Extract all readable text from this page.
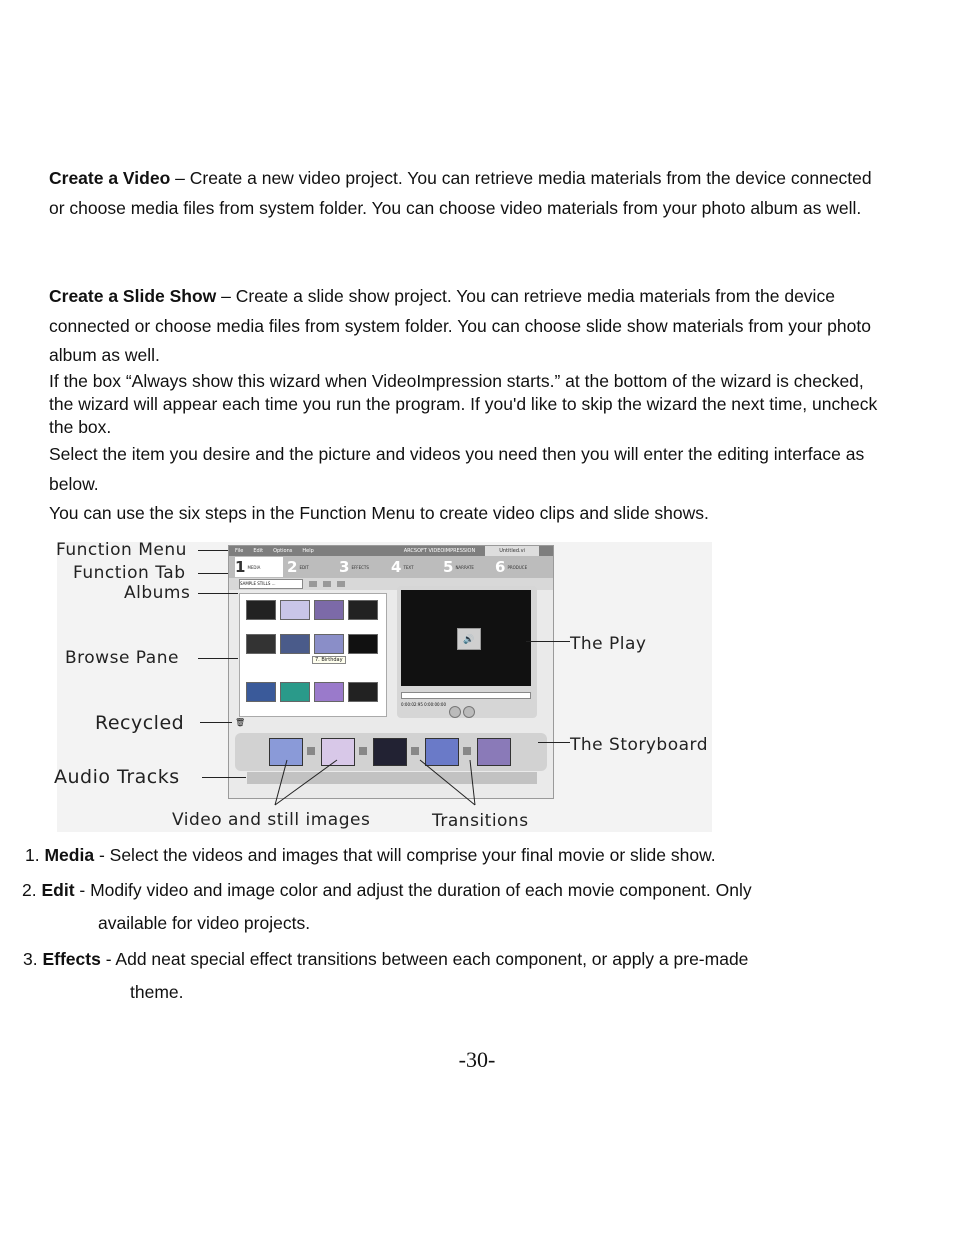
Create a Video – Create a new video project. You can retrieve media materials from the device connected or choose media files from system folder. You can choose video materials from your photo album as well.

Create a Slide Show – Create a slide show project. You can retrieve media materials from the device connected or choose media files from system folder. You can choose slide show materials from your photo album as well.

If the box “Always show this wizard when VideoImpression starts.” at the bottom of the wizard is checked, the wizard will appear each time you run the program. If you'd like to skip the wizard the next time, uncheck the box.

Select the item you desire and the picture and videos you need then you will enter the editing interface as below.

You can use the six steps in the Function Menu to create video clips and slide shows.

File Edit Options Help	ARCSOFT VIDEOIMPRESSION	Untitled.vi
1 MEDIA 2 EDIT 3 EFFECTS 4 TEXT 5 NARRATE 6 PRODUCE
SAMPLE STILLS ...
7. Birthday
🔊
0:00:02:95 0:00:00:00
🗑
Function Menu
Function Tab
Albums
Browse Pane
Recycled
Audio Tracks
The Play
The Storyboard
Video and still images	Transitions
1. Media - Select the videos and images that will comprise your final movie or slide show.
2. Edit - Modify video and image color and adjust the duration of each movie component. Only
available for video projects.
3. Effects - Add neat special effect transitions between each component, or apply a pre-made
theme.
-30-
